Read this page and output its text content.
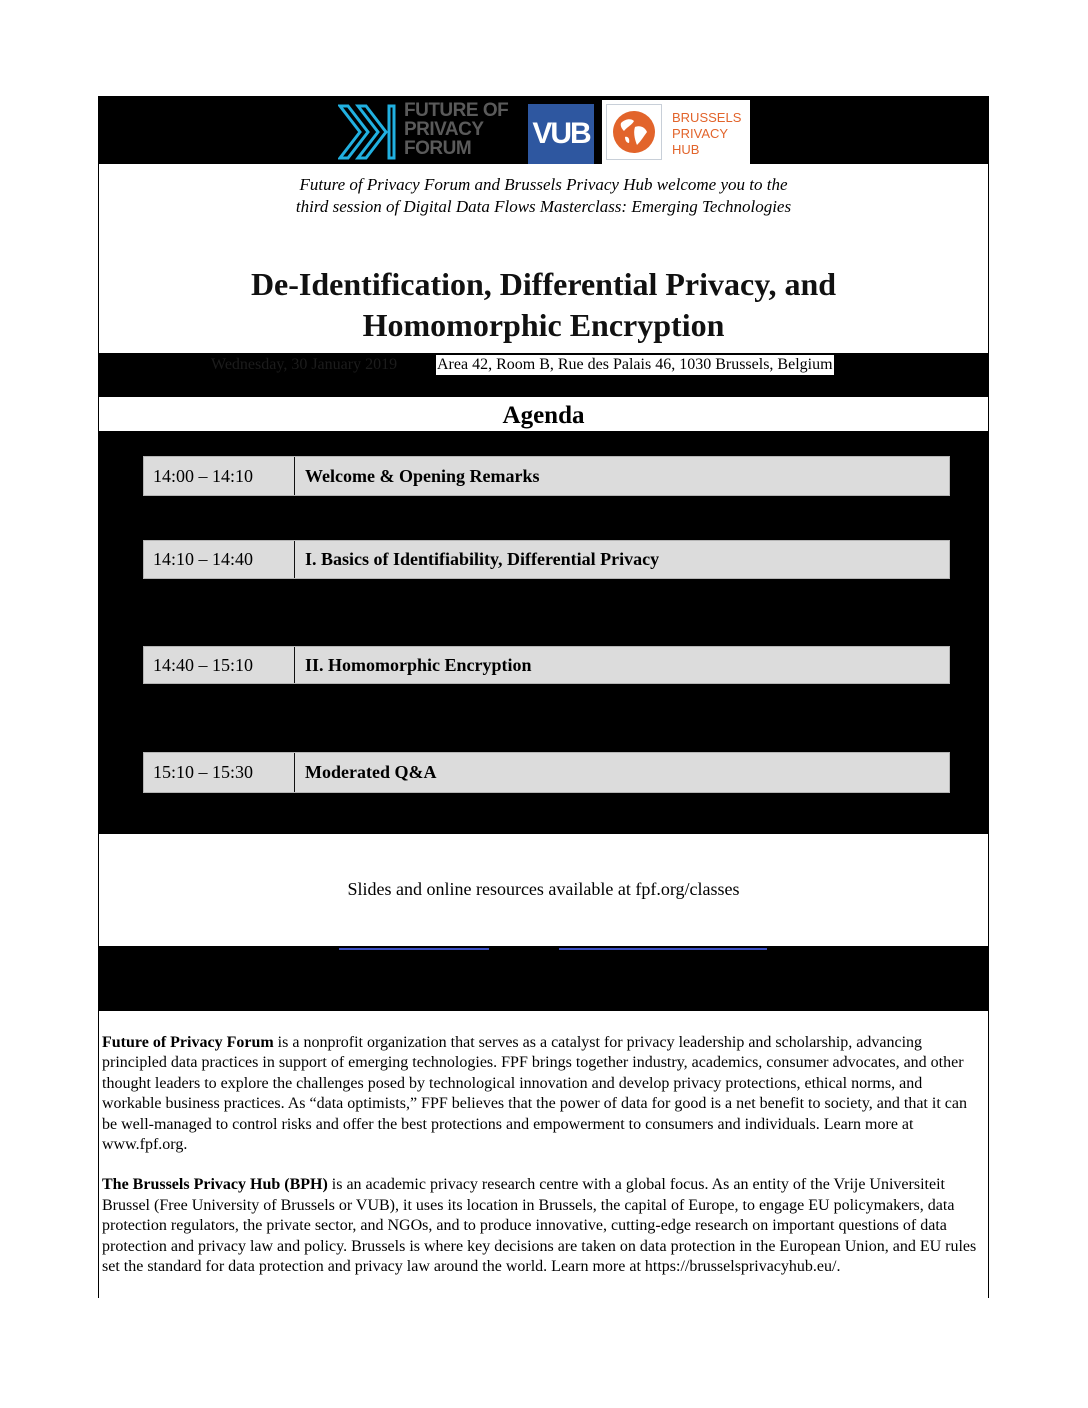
FUTURE OF
PRIVACY
FORUM	VUB	BRUSSELS
PRIVACY
HUB
Future of Privacy Forum and Brussels Privacy Hub welcome you to the
third session of Digital Data Flows Masterclass: Emerging Technologies
De-Identification, Differential Privacy, and
Homomorphic Encryption
Wednesday, 30 January 2019 Area 42, Room B, Rue des Palais 46, 1030 Brussels, Belgium
Agenda
14:00 – 14:10	Welcome & Opening Remarks
14:10 – 14:40	I. Basics of Identifiability, Differential Privacy
14:40 – 15:10	II. Homomorphic Encryption
15:10 – 15:30	Moderated Q&A
Slides and online resources available at fpf.org/classes

Future of Privacy Forum is a nonprofit organization that serves as a catalyst for privacy leadership and scholarship, advancing principled data practices in support of emerging technologies. FPF brings together industry, academics, consumer advocates, and other thought leaders to explore the challenges posed by technological innovation and develop privacy protections, ethical norms, and workable business practices. As “data optimists,” FPF believes that the power of data for good is a net benefit to society, and that it can be well-managed to control risks and offer the best protections and empowerment to consumers and individuals. Learn more at www.fpf.org.

The Brussels Privacy Hub (BPH) is an academic privacy research centre with a global focus. As an entity of the Vrije Universiteit Brussel (Free University of Brussels or VUB), it uses its location in Brussels, the capital of Europe, to engage EU policymakers, data protection regulators, the private sector, and NGOs, and to produce innovative, cutting-edge research on important questions of data protection and privacy law and policy. Brussels is where key decisions are taken on data protection in the European Union, and EU rules set the standard for data protection and privacy law around the world. Learn more at https://brusselsprivacyhub.eu/.
